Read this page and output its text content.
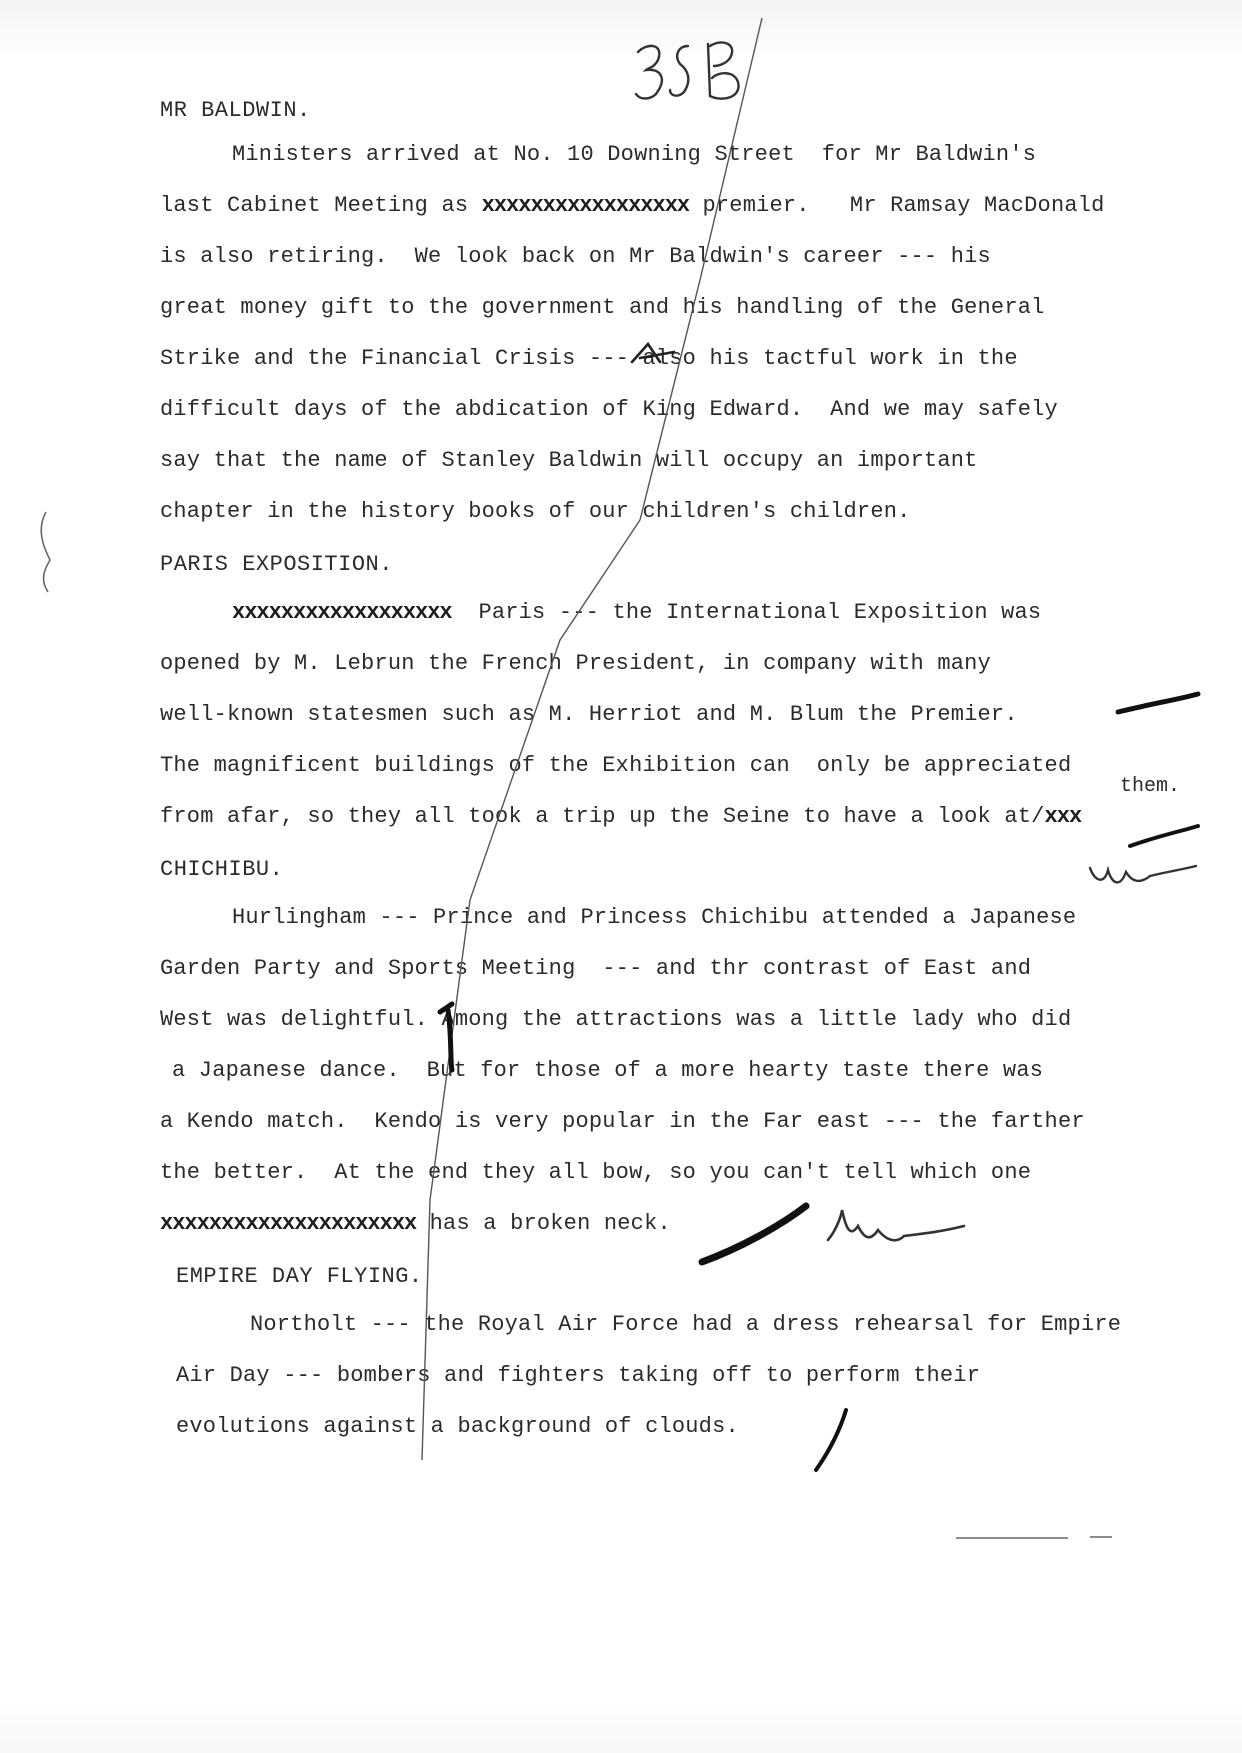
MR BALDWIN.
Ministers arrived at No. 10 Downing Street  for Mr Baldwin's
last Cabinet Meeting as xxxxxxxxxxxxxxxxx premier.   Mr Ramsay MacDonald
is also retiring.  We look back on Mr Baldwin's career --- his
great money gift to the government and his handling of the General
Strike and the Financial Crisis --- also his tactful work in the
difficult days of the abdication of King Edward.  And we may safely
say that the name of Stanley Baldwin will occupy an important
chapter in the history books of our children's children.
PARIS EXPOSITION.
xxxxxxxxxxxxxxxxxx  Paris --- the International Exposition was
opened by M. Lebrun the French President, in company with many
well-known statesmen such as M. Herriot and M. Blum the Premier.
The magnificent buildings of the Exhibition can  only be appreciated
them.
from afar, so they all took a trip up the Seine to have a look at/xxx
CHICHIBU.
Hurlingham --- Prince and Princess Chichibu attended a Japanese
Garden Party and Sports Meeting  --- and thr contrast of East and
West was delightful. Among the attractions was a little lady who did
a Japanese dance.  But for those of a more hearty taste there was
a Kendo match.  Kendo is very popular in the Far east --- the farther
the better.  At the end they all bow, so you can't tell which one
xxxxxxxxxxxxxxxxxxxxx has a broken neck.
EMPIRE DAY FLYING.
Northolt --- the Royal Air Force had a dress rehearsal for Empire
Air Day --- bombers and fighters taking off to perform their
evolutions against a background of clouds.
